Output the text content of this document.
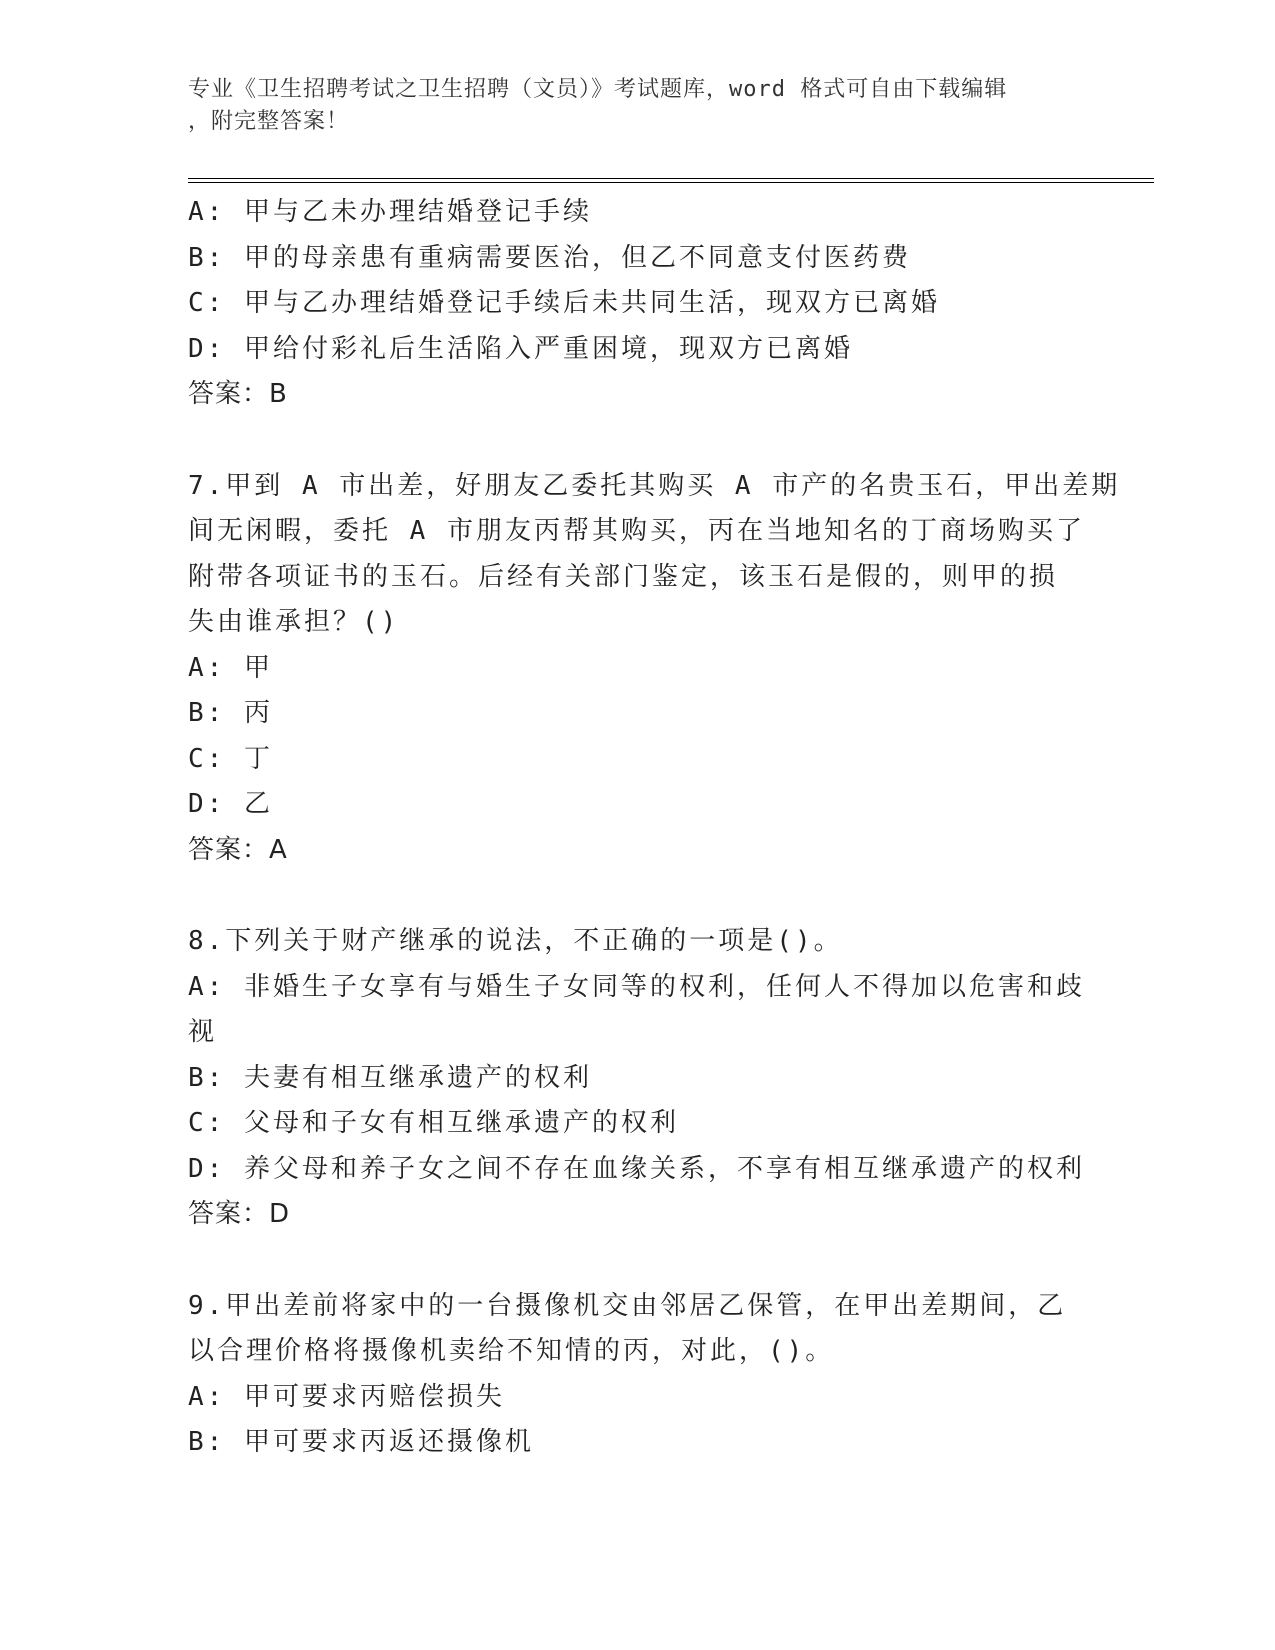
专业《卫生招聘考试之卫生招聘（文员）》考试题库，word 格式可自由下载编辑
，附完整答案！
A: 甲与乙未办理结婚登记手续
B: 甲的母亲患有重病需要医治，但乙不同意支付医药费
C: 甲与乙办理结婚登记手续后未共同生活，现双方已离婚
D: 甲给付彩礼后生活陷入严重困境，现双方已离婚
答案：B
7.甲到 A 市出差，好朋友乙委托其购买 A 市产的名贵玉石，甲出差期
间无闲暇，委托 A 市朋友丙帮其购买，丙在当地知名的丁商场购买了
附带各项证书的玉石。后经有关部门鉴定，该玉石是假的，则甲的损
失由谁承担？()
A: 甲
B: 丙
C: 丁
D: 乙
答案：A
8.下列关于财产继承的说法，不正确的一项是()。
A: 非婚生子女享有与婚生子女同等的权利，任何人不得加以危害和歧
视
B: 夫妻有相互继承遗产的权利
C: 父母和子女有相互继承遗产的权利
D: 养父母和养子女之间不存在血缘关系，不享有相互继承遗产的权利
答案：D
9.甲出差前将家中的一台摄像机交由邻居乙保管，在甲出差期间，乙
以合理价格将摄像机卖给不知情的丙，对此，()。
A: 甲可要求丙赔偿损失
B: 甲可要求丙返还摄像机
